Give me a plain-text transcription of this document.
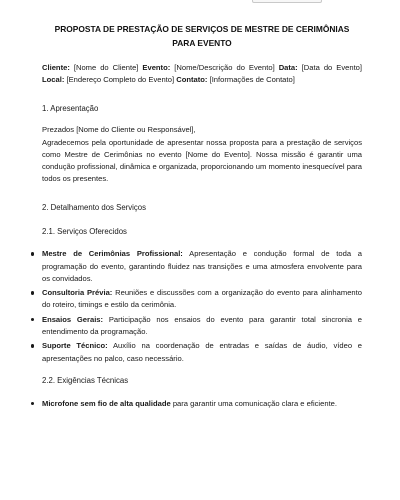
PROPOSTA DE PRESTAÇÃO DE SERVIÇOS DE MESTRE DE CERIMÔNIAS
PARA EVENTO

Cliente: [Nome do Cliente] Evento: [Nome/Descrição do Evento] Data: [Data do Evento] Local: [Endereço Completo do Evento] Contato: [Informações de Contato]

1. Apresentação

Prezados [Nome do Cliente ou Responsável],

Agradecemos pela oportunidade de apresentar nossa proposta para a prestação de serviços como Mestre de Cerimônias no evento [Nome do Evento]. Nossa missão é garantir uma condução profissional, dinâmica e organizada, proporcionando um momento inesquecível para todos os presentes.

2. Detalhamento dos Serviços
2.1. Serviços Oferecidos
Mestre de Cerimônias Profissional: Apresentação e condução formal de toda a programação do evento, garantindo fluidez nas transições e uma atmosfera envolvente para os convidados.
Consultoria Prévia: Reuniões e discussões com a organização do evento para alinhamento do roteiro, timings e estilo da cerimônia.
Ensaios Gerais: Participação nos ensaios do evento para garantir total sincronia e entendimento da programação.
Suporte Técnico: Auxílio na coordenação de entradas e saídas de áudio, vídeo e apresentações no palco, caso necessário.
2.2. Exigências Técnicas
Microfone sem fio de alta qualidade para garantir uma comunicação clara e eficiente.
